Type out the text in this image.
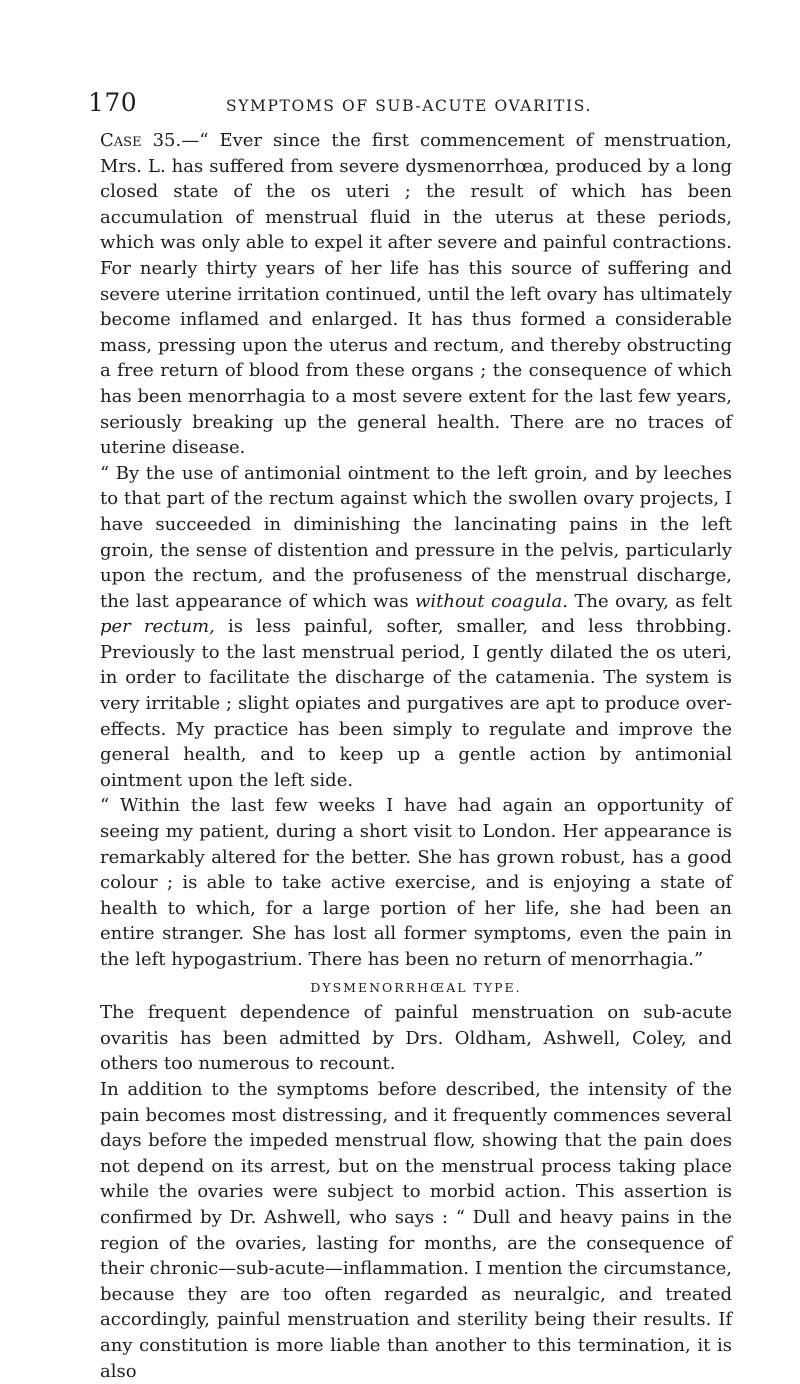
170	SYMPTOMS OF SUB-ACUTE OVARITIS.

Case 35.—“ Ever since the first commencement of menstruation, Mrs. L. has suffered from severe dysmenorrhœa, produced by a long closed state of the os uteri ; the result of which has been accumulation of menstrual fluid in the uterus at these periods, which was only able to expel it after severe and painful contractions. For nearly thirty years of her life has this source of suffering and severe uterine irritation continued, until the left ovary has ultimately become inflamed and enlarged. It has thus formed a considerable mass, pressing upon the uterus and rectum, and thereby obstructing a free return of blood from these organs ; the consequence of which has been menorrhagia to a most severe extent for the last few years, seriously breaking up the general health. There are no traces of uterine disease.

“ By the use of antimonial ointment to the left groin, and by leeches to that part of the rectum against which the swollen ovary projects, I have succeeded in diminishing the lancinating pains in the left groin, the sense of distention and pressure in the pelvis, particularly upon the rectum, and the profuseness of the menstrual discharge, the last appearance of which was without coagula. The ovary, as felt per rectum, is less painful, softer, smaller, and less throbbing. Previously to the last menstrual period, I gently dilated the os uteri, in order to facilitate the discharge of the catamenia. The system is very irritable ; slight opiates and purgatives are apt to produce over-effects. My practice has been simply to regulate and improve the general health, and to keep up a gentle action by antimonial ointment upon the left side.

“ Within the last few weeks I have had again an opportunity of seeing my patient, during a short visit to London. Her appearance is remarkably altered for the better. She has grown robust, has a good colour ; is able to take active exercise, and is enjoying a state of health to which, for a large portion of her life, she had been an entire stranger. She has lost all former symptoms, even the pain in the left hypogastrium. There has been no return of menorrhagia.”

DYSMENORRHŒAL TYPE.

The frequent dependence of painful menstruation on sub-acute ovaritis has been admitted by Drs. Oldham, Ashwell, Coley, and others too numerous to recount.

In addition to the symptoms before described, the intensity of the pain becomes most distressing, and it frequently commences several days before the impeded menstrual flow, showing that the pain does not depend on its arrest, but on the menstrual process taking place while the ovaries were subject to morbid action. This assertion is confirmed by Dr. Ashwell, who says : “ Dull and heavy pains in the region of the ovaries, lasting for months, are the consequence of their chronic—sub-acute—inflammation. I mention the circumstance, because they are too often regarded as neuralgic, and treated accordingly, painful menstruation and sterility being their results. If any constitution is more liable than another to this termination, it is also
